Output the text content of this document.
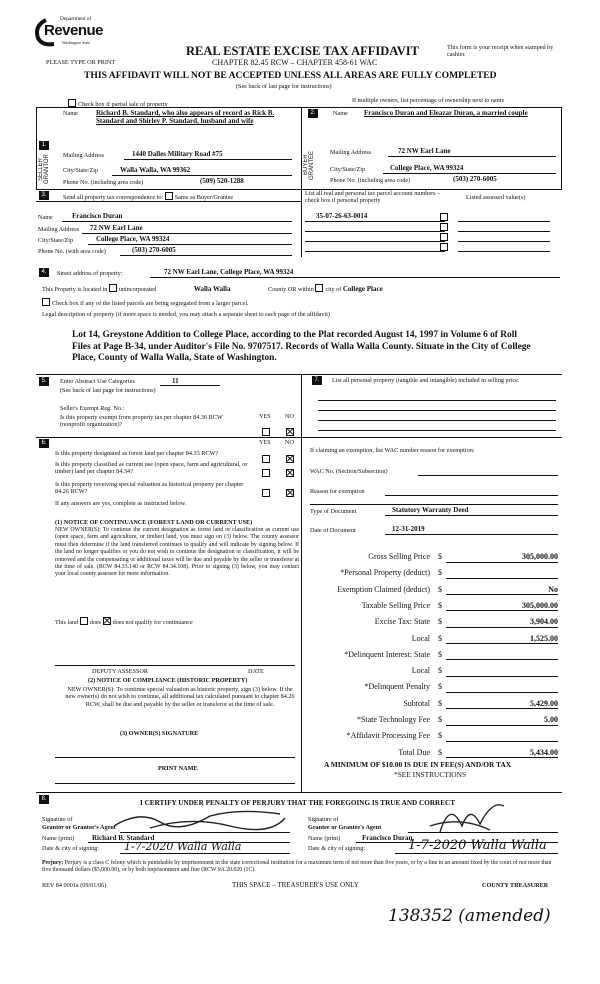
Department of
Revenue
Washington State
PLEASE TYPE OR PRINT
REAL ESTATE EXCISE TAX AFFIDAVIT
CHAPTER 82.45 RCW – CHAPTER 458-61 WAC
This form is your receipt when stamped by cashier.
THIS AFFIDAVIT WILL NOT BE ACCEPTED UNLESS ALL AREAS ARE FULLY COMPLETED
(See back of last page for instructions)
Check box if partial sale of property
If multiple owners, list percentage of ownership next to name
1.
SELLER GRANTOR
Name	Richard B. Standard, who also appears of record as Rick B. Standard and Shirley P. Standard, husband and wife
Mailing Address	1440 Dalles Military Road #75
City/State/Zip	Walla Walla, WA 99362
Phone No. (including area code)	(509) 520-1288
2.
BUYER GRANTEE
Name Francisco Duran and Eleazar Duran, a married couple
Mailing Address	72 NW Earl Lane
City/State/Zip	College Place, WA 99324
Phone No. (including area code)	(503) 270-6005
3.	Send all property tax correspondence to: Same as Buyer/Grantee
Name	Francisco Duran
Mailing Address 72 NW Earl Lane
City/State/Zip	College Place, WA 99324
Phone No. (with area code)	(503) 270-6005
List all real and personal tax parcel account numbers – check box if personal property	Listed assessed value(s)
35-07-26-63-0014
4.	Street address of property:	72 NW Earl Lane, College Place, WA 99324
This Property is located in unincorporated	Walla Walla	County OR within city of College Place
Check box if any of the listed parcels are being segregated from a larger parcel.
Legal description of property (if more space is needed, you may attach a separate sheet to each page of the affidavit)
Lot 14, Greystone Addition to College Place, according to the Plat recorded August 14, 1997 in Volume 6 of Roll Files at Page B-34, under Auditor's File No. 9707517. Records of Walla Walla County. Situate in the City of College Place, County of Walla Walla, State of Washington.
5.	Enter Abstract Use Categories	11
(See back of last page for instructions)
Seller's Exempt Reg. No.:
Is this property exempt from property tax per chapter 84.36 RCW (nonprofit organization)?
YES NO
7.	List all personal property (tangible and intangible) included in selling price.
6.	YES NO
Is this property designated as forest land per chapter 84.33 RCW?
Is this property classified as current use (open space, farm and agricultural, or timber) land per chapter 84.34?
Is this property receiving special valuation as historical property per chapter 84.26 RCW?
If any answers are yes, complete as instructed below.
(1) NOTICE OF CONTINUANCE (FOREST LAND OR CURRENT USE)
NEW OWNER(S): To continue the current designation as forest land or classification as current use (open space, farm and agriculture, or timber) land, you must sign on (3) below. The county assessor must then determine if the land transferred continues to qualify and will indicate by signing below. If the land no longer qualifies or you do not wish to continue the designation or classification, it will be removed and the compensating or additional taxes will be due and payable by the seller or transferor at the time of sale. (RCW 84.33.140 or RCW 84.34.108). Prior to signing (3) below, you may contact your local county assessor for more information.
This land does does not qualify for continuance
DEPUTY ASSESSOR	DATE
(2) NOTICE OF COMPLIANCE (HISTORIC PROPERTY)
NEW OWNER(S): To continue special valuation as historic property, sign (3) below. If the new owner(s) do not wish to continue, all additional tax calculated pursuant to chapter 84.26 RCW, shall be due and payable by the seller or transferor at the time of sale.
(3) OWNER(S) SIGNATURE
PRINT NAME
If claiming an exemption, list WAC number reason for exemption:
WAC No. (Section/Subsection)
Reason for exemption
Type of Document	Statutory Warranty Deed
Date of Document	12-31-2019
Gross Selling Price $	305,000.00
*Personal Property (deduct) $
Exemption Claimed (deduct) $	No
Taxable Selling Price $	305,000.00
Excise Tax: State $	3,904.00
Local $	1,525.00
*Delinquent Interest: State $
Local $
*Delinquent Penalty $
Subtotal $	5,429.00
*State Technology Fee $	5.00
*Affidavit Processing Fee $
Total Due $	5,434.00
A MINIMUM OF $10.00 IS DUE IN FEE(S) AND/OR TAX
*SEE INSTRUCTIONS
8.	I CERTIFY UNDER PENALTY OF PERJURY THAT THE FOREGOING IS TRUE AND CORRECT
Signature of
Grantor or Grantor's Agent
Name (print)	Richard B. Standard
Date & city of signing: 1-7-2020 Walla Walla
Signature of
Grantee or Grantee's Agent
Name (print)	Francisco Duran
Date & city of signing:	1-7-2020 Walla Walla
Perjury: Perjury is a class C felony which is punishable by imprisonment in the state correctional institution for a maximum term of not more than five years, or by a fine in an amount fixed by the court of not more than five thousand dollars ($5,000.00), or by both imprisonment and fine (RCW 9A.20.020 (1C).
REV 84 0001a (09/01/06)	THIS SPACE – TREASURER'S USE ONLY	COUNTY TREASURER
138352 (amended)
